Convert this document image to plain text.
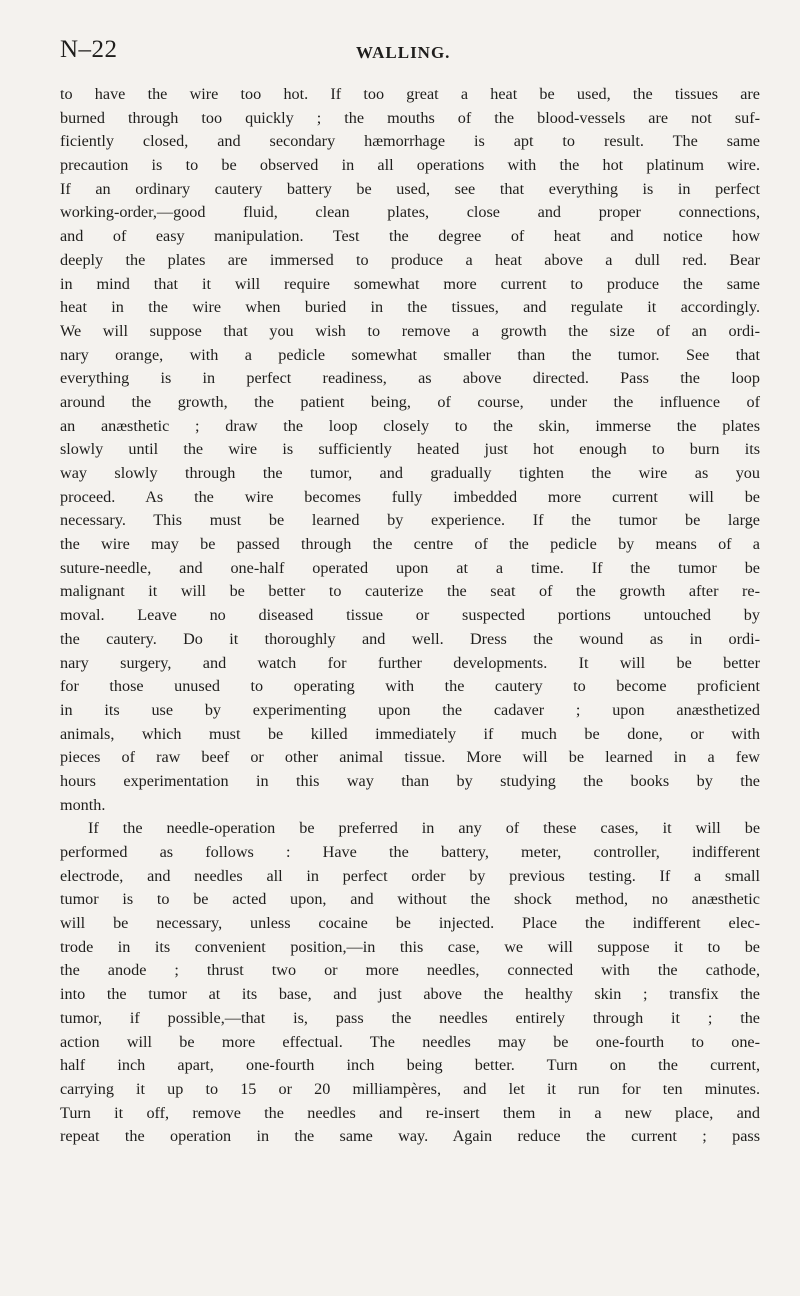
N–22	WALLING.
to have the wire too hot. If too great a heat be used, the tissues are
burned through too quickly ; the mouths of the blood-vessels are not suf-
ficiently closed, and secondary hæmorrhage is apt to result. The same
precaution is to be observed in all operations with the hot platinum wire.
If an ordinary cautery battery be used, see that everything is in perfect
working-order,—good fluid, clean plates, close and proper connections,
and of easy manipulation. Test the degree of heat and notice how
deeply the plates are immersed to produce a heat above a dull red. Bear
in mind that it will require somewhat more current to produce the same
heat in the wire when buried in the tissues, and regulate it accordingly.
We will suppose that you wish to remove a growth the size of an ordi-
nary orange, with a pedicle somewhat smaller than the tumor. See that
everything is in perfect readiness, as above directed. Pass the loop
around the growth, the patient being, of course, under the influence of
an anæsthetic ; draw the loop closely to the skin, immerse the plates
slowly until the wire is sufficiently heated just hot enough to burn its
way slowly through the tumor, and gradually tighten the wire as you
proceed. As the wire becomes fully imbedded more current will be
necessary. This must be learned by experience. If the tumor be large
the wire may be passed through the centre of the pedicle by means of a
suture-needle, and one-half operated upon at a time. If the tumor be
malignant it will be better to cauterize the seat of the growth after re-
moval. Leave no diseased tissue or suspected portions untouched by
the cautery. Do it thoroughly and well. Dress the wound as in ordi-
nary surgery, and watch for further developments. It will be better
for those unused to operating with the cautery to become proficient
in its use by experimenting upon the cadaver ; upon anæsthetized
animals, which must be killed immediately if much be done, or with
pieces of raw beef or other animal tissue. More will be learned in a few
hours experimentation in this way than by studying the books by the
month.
If the needle-operation be preferred in any of these cases, it will be
performed as follows : Have the battery, meter, controller, indifferent
electrode, and needles all in perfect order by previous testing. If a small
tumor is to be acted upon, and without the shock method, no anæsthetic
will be necessary, unless cocaine be injected. Place the indifferent elec-
trode in its convenient position,—in this case, we will suppose it to be
the anode ; thrust two or more needles, connected with the cathode,
into the tumor at its base, and just above the healthy skin ; transfix the
tumor, if possible,—that is, pass the needles entirely through it ; the
action will be more effectual. The needles may be one-fourth to one-
half inch apart, one-fourth inch being better. Turn on the current,
carrying it up to 15 or 20 milliampères, and let it run for ten minutes.
Turn it off, remove the needles and re-insert them in a new place, and
repeat the operation in the same way. Again reduce the current ; pass
